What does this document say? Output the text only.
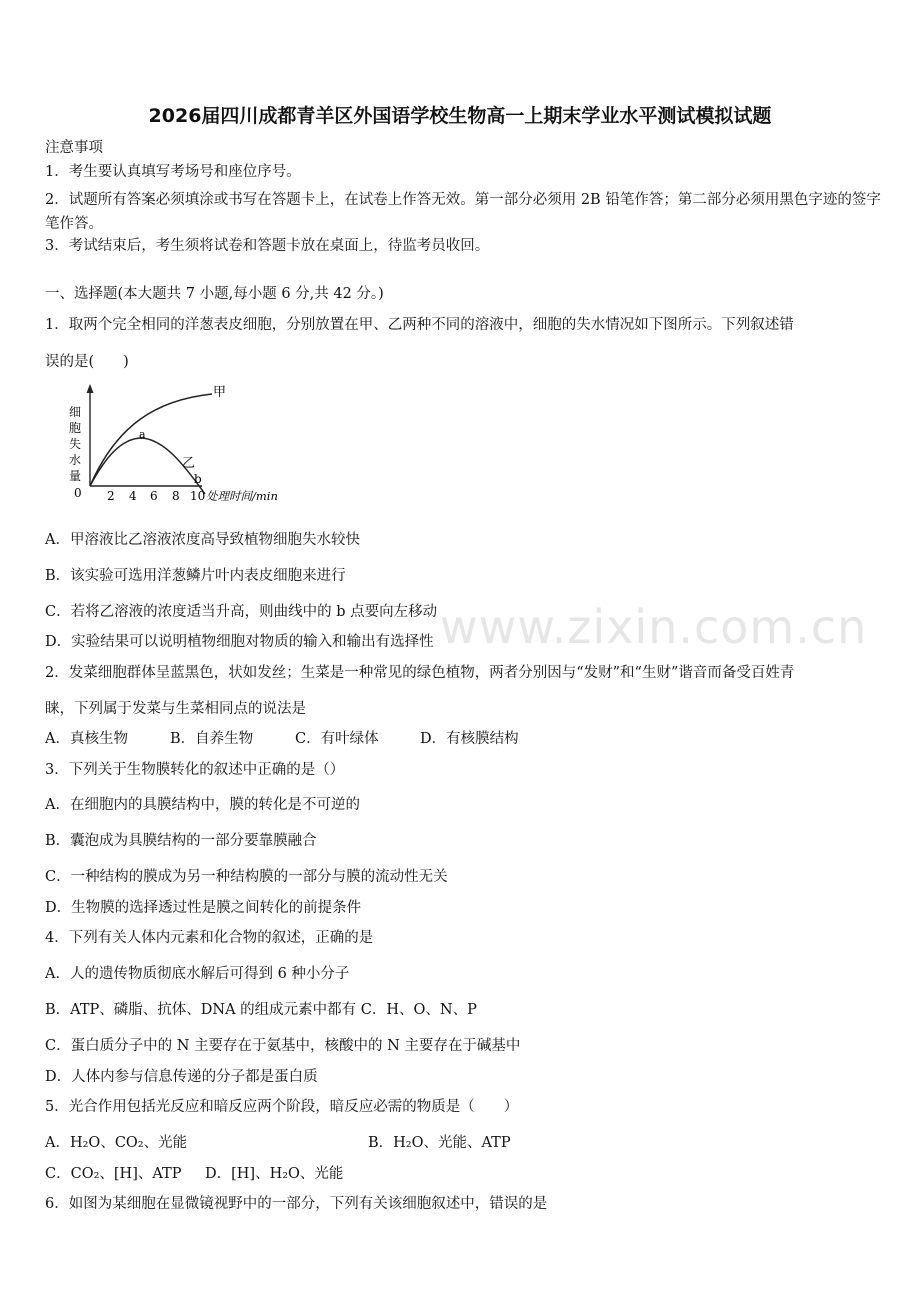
www.zixin.com.cn
2026届四川成都青羊区外国语学校生物高一上期末学业水平测试模拟试题
注意事项
1．考生要认真填写考场号和座位序号。
2．试题所有答案必须填涂或书写在答题卡上，在试卷上作答无效。第一部分必须用 2B 铅笔作答；第二部分必须用黑色字迹的签字笔作答。
3．考试结束后，考生须将试卷和答题卡放在桌面上，待监考员收回。
一、选择题(本大题共 7 小题,每小题 6 分,共 42 分。)
1．取两个完全相同的洋葱表皮细胞，分别放置在甲、乙两种不同的溶液中，细胞的失水情况如下图所示。下列叙述错
误的是(　　)
细
胞
失
水
量
0 2 4 6 8 10 处理时间/min
甲
a
乙
b
A．甲溶液比乙溶液浓度高导致植物细胞失水较快
B．该实验可选用洋葱鳞片叶内表皮细胞来进行
C．若将乙溶液的浓度适当升高，则曲线中的 b 点要向左移动
D．实验结果可以说明植物细胞对物质的输入和输出有选择性
2．发菜细胞群体呈蓝黑色，状如发丝；生菜是一种常见的绿色植物，两者分别因与“发财”和“生财”谐音而备受百姓青
睐，下列属于发菜与生菜相同点的说法是
A．真核生物	B．自养生物	C．有叶绿体	D．有核膜结构
3．下列关于生物膜转化的叙述中正确的是（）
A．在细胞内的具膜结构中，膜的转化是不可逆的
B．囊泡成为具膜结构的一部分要靠膜融合
C．一种结构的膜成为另一种结构膜的一部分与膜的流动性无关
D．生物膜的选择透过性是膜之间转化的前提条件
4．下列有关人体内元素和化合物的叙述，正确的是
A．人的遗传物质彻底水解后可得到 6 种小分子
B．ATP、磷脂、抗体、DNA 的组成元素中都有 C．H、O、N、P
C．蛋白质分子中的 N 主要存在于氨基中，核酸中的 N 主要存在于碱基中
D．人体内参与信息传递的分子都是蛋白质
5．光合作用包括光反应和暗反应两个阶段，暗反应必需的物质是（　　）
A．H₂O、CO₂、光能	B．H₂O、光能、ATP
C．CO₂、[H]、ATP D．[H]、H₂O、光能
6．如图为某细胞在显微镜视野中的一部分，下列有关该细胞叙述中，错误的是
